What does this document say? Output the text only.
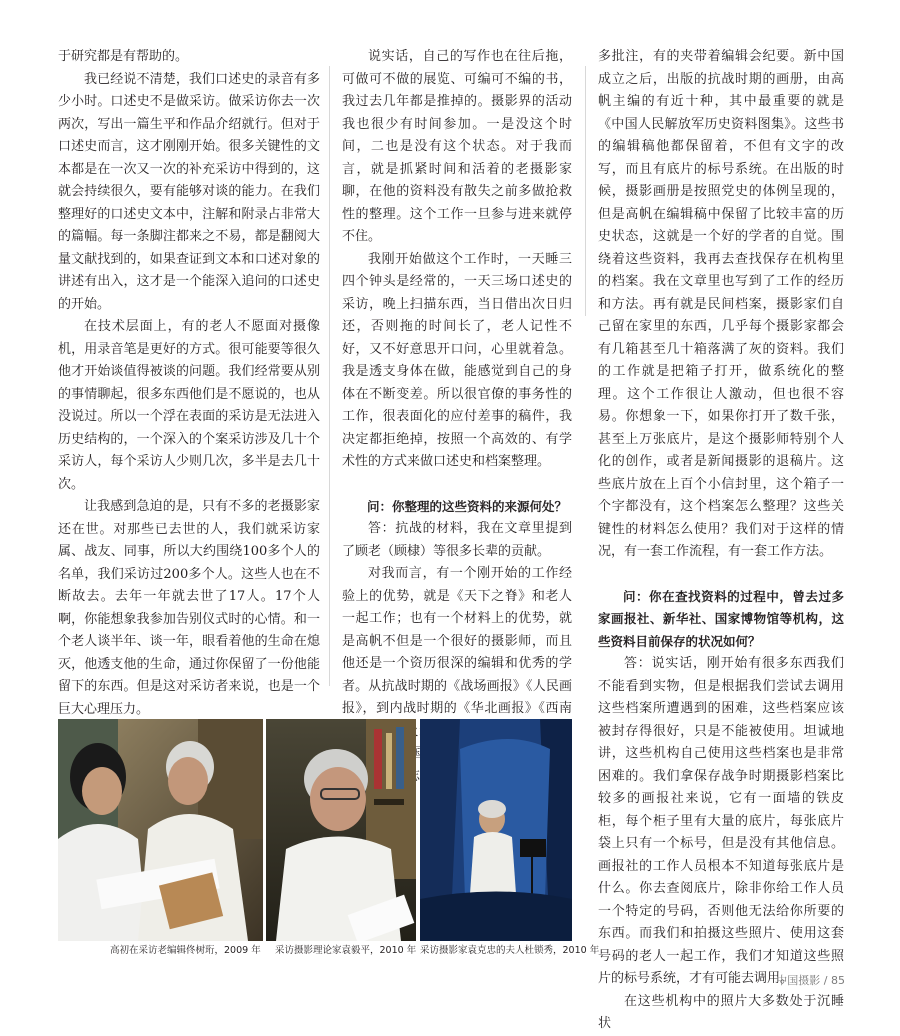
于研究都是有帮助的。

我已经说不清楚，我们口述史的录音有多少小时。口述史不是做采访。做采访你去一次两次，写出一篇生平和作品介绍就行。但对于口述史而言，这才刚刚开始。很多关键性的文本都是在一次又一次的补充采访中得到的，这就会持续很久，要有能够对谈的能力。在我们整理好的口述史文本中，注解和附录占非常大的篇幅。每一条脚注都来之不易，都是翻阅大量文献找到的，如果查证到文本和口述对象的讲述有出入，这才是一个能深入追问的口述史的开始。

在技术层面上，有的老人不愿面对摄像机，用录音笔是更好的方式。很可能要等很久他才开始谈值得被谈的问题。我们经常要从别的事情聊起，很多东西他们是不愿说的，也从没说过。所以一个浮在表面的采访是无法进入历史结构的，一个深入的个案采访涉及几十个采访人，每个采访人少则几次，多半是去几十次。

让我感到急迫的是，只有不多的老摄影家还在世。对那些已去世的人，我们就采访家属、战友、同事，所以大约围绕100多个人的名单，我们采访过200多个人。这些人也在不断故去。去年一年就去世了17人。17个人啊，你能想象我参加告别仪式时的心情。和一个老人谈半年、谈一年，眼看着他的生命在熄灭，他透支他的生命，通过你保留了一份他能留下的东西。但是这对采访者来说，也是一个巨大心理压力。

说实话，自己的写作也在往后拖，可做可不做的展览、可编可不编的书，我过去几年都是推掉的。摄影界的活动我也很少有时间参加。一是没这个时间，二也是没有这个状态。对于我而言，就是抓紧时间和活着的老摄影家聊，在他的资料没有散失之前多做抢救性的整理。这个工作一旦参与进来就停不住。

我刚开始做这个工作时，一天睡三四个钟头是经常的，一天三场口述史的采访，晚上扫描东西，当日借出次日归还，否则拖的时间长了，老人记性不好，又不好意思开口问，心里就着急。我是透支身体在做，能感觉到自己的身体在不断变差。所以很官僚的事务性的工作，很表面化的应付差事的稿件，我决定都拒绝掉，按照一个高效的、有学术性的方式来做口述史和档案整理。

问：你整理的这些资料的来源何处？

答：抗战的材料，我在文章里提到了顾老（顾棣）等很多长辈的贡献。

对我而言，有一个刚开始的工作经验上的优势，就是《天下之脊》和老人一起工作；也有一个材料上的优势，就是高帆不但是一个很好的摄影师，而且他还是一个资历很深的编辑和优秀的学者。从抗战时期的《战场画报》《人民画报》，到内战时期的《华北画报》《西南 中国摄

多批注，有的夹带着编辑会纪要。新中国成立之后，出版的抗战时期的画册，由高帆主编的有近十种，其中最重要的就是《中国人民解放军历史资料图集》。这些书的编辑稿他都保留着，不但有文字的改写，而且有底片的标号系统。在出版的时候，摄影画册是按照党史的体例呈现的，但是高帆在编辑稿中保留了比较丰富的历史状态，这就是一个好的学者的自觉。围绕着这些资料，我再去查找保存在机构里的档案。我在文章里也写到了工作的经历和方法。再有就是民间档案，摄影家们自己留在家里的东西，几乎每个摄影家都会有几箱甚至几十箱落满了灰的资料。我们的工作就是把箱子打开，做系统化的整理。这个工作很让人激动，但也很不容易。你想象一下，如果你打开了数千张，甚至上万张底片，是这个摄影师特别个人化的创作，或者是新闻摄影的退稿片。这些底片放在上百个小信封里，这个箱子一个字都没有，这个档案怎么整理？这些关键性的材料怎么使用？我们对于这样的情况，有一套工作流程，有一套工作方法。

问：你在查找资料的过程中，曾去过多家画报社、新华社、国家博物馆等机构，这些资料目前保存的状况如何？

答：说实话，刚开始有很多东西我们不能看到实物，但是根据我们尝试去调用这些档案所遭遇到的困难，这些档案应该被封存得很好，只是不能被使用。坦诚地讲，这些机构自己使用这些档案也是非常困难的。我们拿保存战争时期摄影档案比较多的画报社来说，它有一面墙的铁皮柜，每个柜子里有大量的底片，每张底片袋上只有一个标号，但是没有其他信息。画报社的工作人员根本不知道每张底片是什么。你去查阅底片，除非你给工作人员一个特定的号码，否则他无法给你所要的东西。而我们和拍摄这些照片、使用这套号码的老人一起工作，我们才知道这些照片的标号系统，才有可能去调用。

在这些机构中的照片大多数处于沉睡状

高初在采访老编辑佟树珩，2009 年 采访摄影理论家袁毅平，2010 年 采访摄影家袁克忠的夫人杜锁秀，2010 年
中国摄影 / 85
